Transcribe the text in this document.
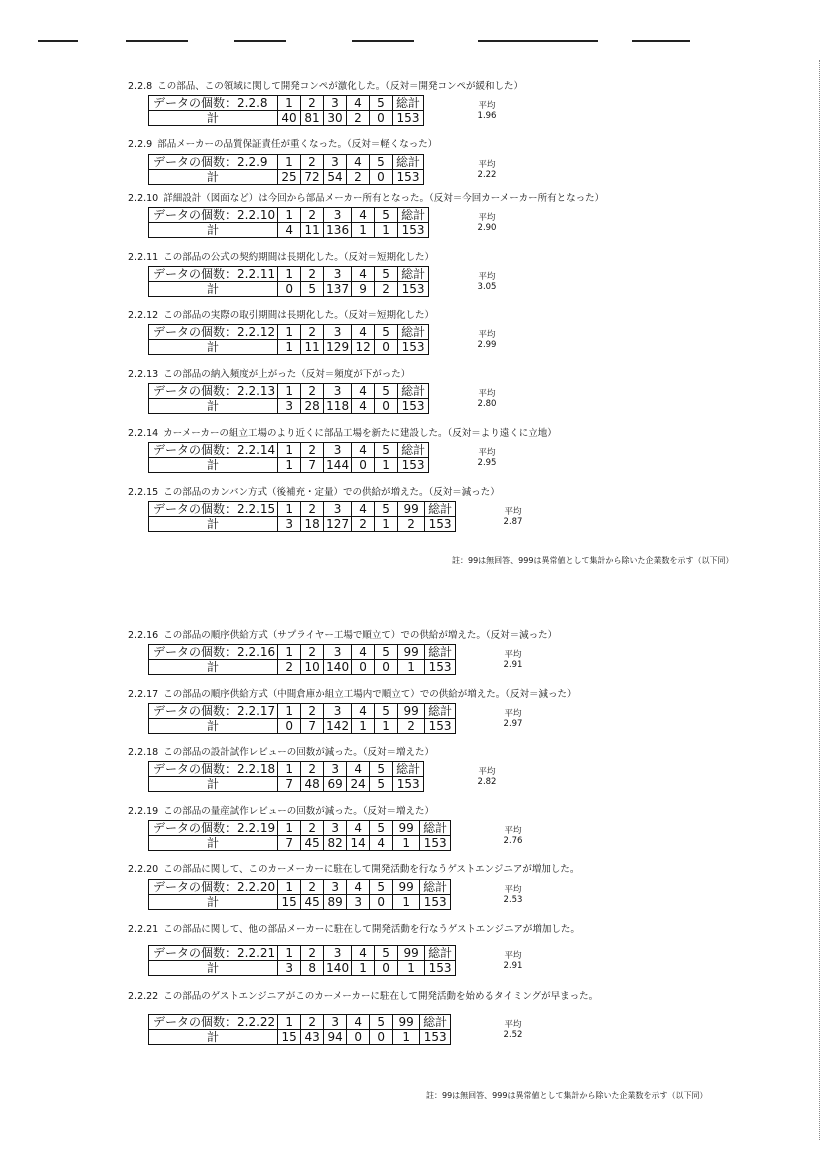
2.2.8 この部品、この領域に関して開発コンペが激化した。（反対＝開発コンペが緩和した）
データの個数：2.2.8	1	2	3	4	5	総計
計	40	81	30	2	0	153
平均
1.96
2.2.9 部品メーカーの品質保証責任が重くなった。（反対＝軽くなった）
データの個数：2.2.9	1	2	3	4	5	総計
計	25	72	54	2	0	153
平均
2.22
2.2.10 詳細設計（図面など）は今回から部品メーカー所有となった。（反対＝今回カーメーカー所有となった）
データの個数：2.2.10	1	2	3	4	5	総計
計	4	11	136	1	1	153
平均
2.90
2.2.11 この部品の公式の契約期間は長期化した。（反対＝短期化した）
データの個数：2.2.11	1	2	3	4	5	総計
計	0	5	137	9	2	153
平均
3.05
2.2.12 この部品の実際の取引期間は長期化した。（反対＝短期化した）
データの個数：2.2.12	1	2	3	4	5	総計
計	1	11	129	12	0	153
平均
2.99
2.2.13 この部品の納入頻度が上がった（反対＝頻度が下がった）
データの個数：2.2.13	1	2	3	4	5	総計
計	3	28	118	4	0	153
平均
2.80
2.2.14 カーメーカーの組立工場のより近くに部品工場を新たに建設した。（反対＝より遠くに立地）
データの個数：2.2.14	1	2	3	4	5	総計
計	1	7	144	0	1	153
平均
2.95
2.2.15 この部品のカンバン方式（後補充・定量）での供給が増えた。（反対＝減った）
データの個数：2.2.15	1	2	3	4	5	99	総計
計	3	18	127	2	1	2	153
平均
2.87
2.2.16 この部品の順序供給方式（サプライヤー工場で順立て）での供給が増えた。（反対＝減った）
データの個数：2.2.16	1	2	3	4	5	99	総計
計	2	10	140	0	0	1	153
平均
2.91
2.2.17 この部品の順序供給方式（中間倉庫か組立工場内で順立て）での供給が増えた。（反対＝減った）
データの個数：2.2.17	1	2	3	4	5	99	総計
計	0	7	142	1	1	2	153
平均
2.97
2.2.18 この部品の設計試作レビューの回数が減った。（反対＝増えた）
データの個数：2.2.18	1	2	3	4	5	総計
計	7	48	69	24	5	153
平均
2.82
2.2.19 この部品の量産試作レビューの回数が減った。（反対＝増えた）
データの個数：2.2.19	1	2	3	4	5	99	総計
計	7	45	82	14	4	1	153
平均
2.76
2.2.20 この部品に関して、このカーメーカーに駐在して開発活動を行なうゲストエンジニアが増加した。
データの個数：2.2.20	1	2	3	4	5	99	総計
計	15	45	89	3	0	1	153
平均
2.53
2.2.21 この部品に関して、他の部品メーカーに駐在して開発活動を行なうゲストエンジニアが増加した。
データの個数：2.2.21	1	2	3	4	5	99	総計
計	3	8	140	1	0	1	153
平均
2.91
2.2.22 この部品のゲストエンジニアがこのカーメーカーに駐在して開発活動を始めるタイミングが早まった。
データの個数：2.2.22	1	2	3	4	5	99	総計
計	15	43	94	0	0	1	153
平均
2.52
註：99は無回答、999は異常値として集計から除いた企業数を示す（以下同）
註：99は無回答、999は異常値として集計から除いた企業数を示す（以下同）
